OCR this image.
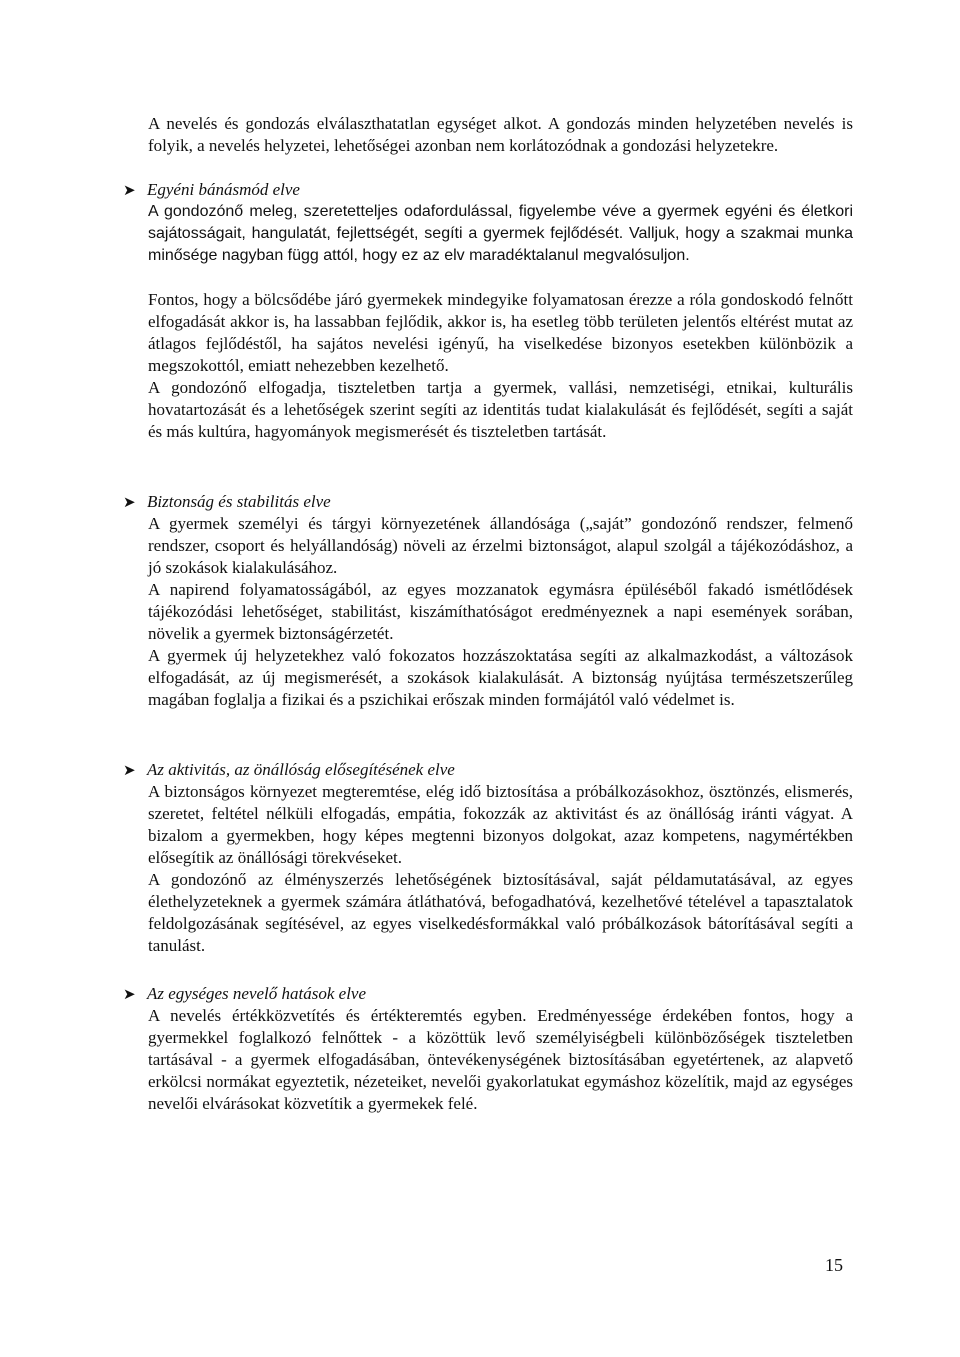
A nevelés és gondozás elválaszthatatlan egységet alkot. A gondozás minden helyzetében nevelés is folyik, a nevelés helyzetei, lehetőségei azonban nem korlátozódnak a gondozási helyzetekre.

➤ Egyéni bánásmód elve

A gondozónő meleg, szeretetteljes odafordulással, figyelembe véve a gyermek egyéni és életkori sajátosságait, hangulatát, fejlettségét, segíti a gyermek fejlődését. Valljuk, hogy a szakmai munka minősége nagyban függ attól, hogy ez az elv maradéktalanul megvalósuljon.

Fontos, hogy a bölcsődébe járó gyermekek mindegyike folyamatosan érezze a róla gondoskodó felnőtt elfogadását akkor is, ha lassabban fejlődik, akkor is, ha esetleg több területen jelentős eltérést mutat az átlagos fejlődéstől, ha sajátos nevelési igényű, ha viselkedése bizonyos esetekben különbözik a megszokottól, emiatt nehezebben kezelhető.

A gondozónő elfogadja, tiszteletben tartja a gyermek, vallási, nemzetiségi, etnikai, kulturális hovatartozását és a lehetőségek szerint segíti az identitás tudat kialakulását és fejlődését, segíti a saját és más kultúra, hagyományok megismerését és tiszteletben tartását.

➤ Biztonság és stabilitás elve

A gyermek személyi és tárgyi környezetének állandósága („saját” gondozónő rendszer, felmenő rendszer, csoport és helyállandóság) növeli az érzelmi biztonságot, alapul szolgál a tájékozódáshoz, a jó szokások kialakulásához.

A napirend folyamatosságából, az egyes mozzanatok egymásra épüléséből fakadó ismétlődések tájékozódási lehetőséget, stabilitást, kiszámíthatóságot eredményeznek a napi események sorában, növelik a gyermek biztonságérzetét.

A gyermek új helyzetekhez való fokozatos hozzászoktatása segíti az alkalmazkodást, a változások elfogadását, az új megismerését, a szokások kialakulását. A biztonság nyújtása természetszerűleg magában foglalja a fizikai és a pszichikai erőszak minden formájától való védelmet is.

➤ Az aktivitás, az önállóság elősegítésének elve

A biztonságos környezet megteremtése, elég idő biztosítása a próbálkozásokhoz, ösztönzés, elismerés, szeretet, feltétel nélküli elfogadás, empátia, fokozzák az aktivitást és az önállóság iránti vágyat. A bizalom a gyermekben, hogy képes megtenni bizonyos dolgokat, azaz kompetens, nagymértékben elősegítik az önállósági törekvéseket.

A gondozónő az élményszerzés lehetőségének biztosításával, saját példamutatásával, az egyes élethelyzeteknek a gyermek számára átláthatóvá, befogadhatóvá, kezelhetővé tételével a tapasztalatok feldolgozásának segítésével, az egyes viselkedésformákkal való próbálkozások bátorításával segíti a tanulást.

➤ Az egységes nevelő hatások elve

A nevelés értékközvetítés és értékteremtés egyben. Eredményessége érdekében fontos, hogy a gyermekkel foglalkozó felnőttek - a közöttük levő személyiségbeli különbözőségek tiszteletben tartásával - a gyermek elfogadásában, öntevékenységének biztosításában egyetértenek, az alapvető erkölcsi normákat egyeztetik, nézeteiket, nevelői gyakorlatukat egymáshoz közelítik, majd az egységes nevelői elvárásokat közvetítik a gyermekek felé.

15
